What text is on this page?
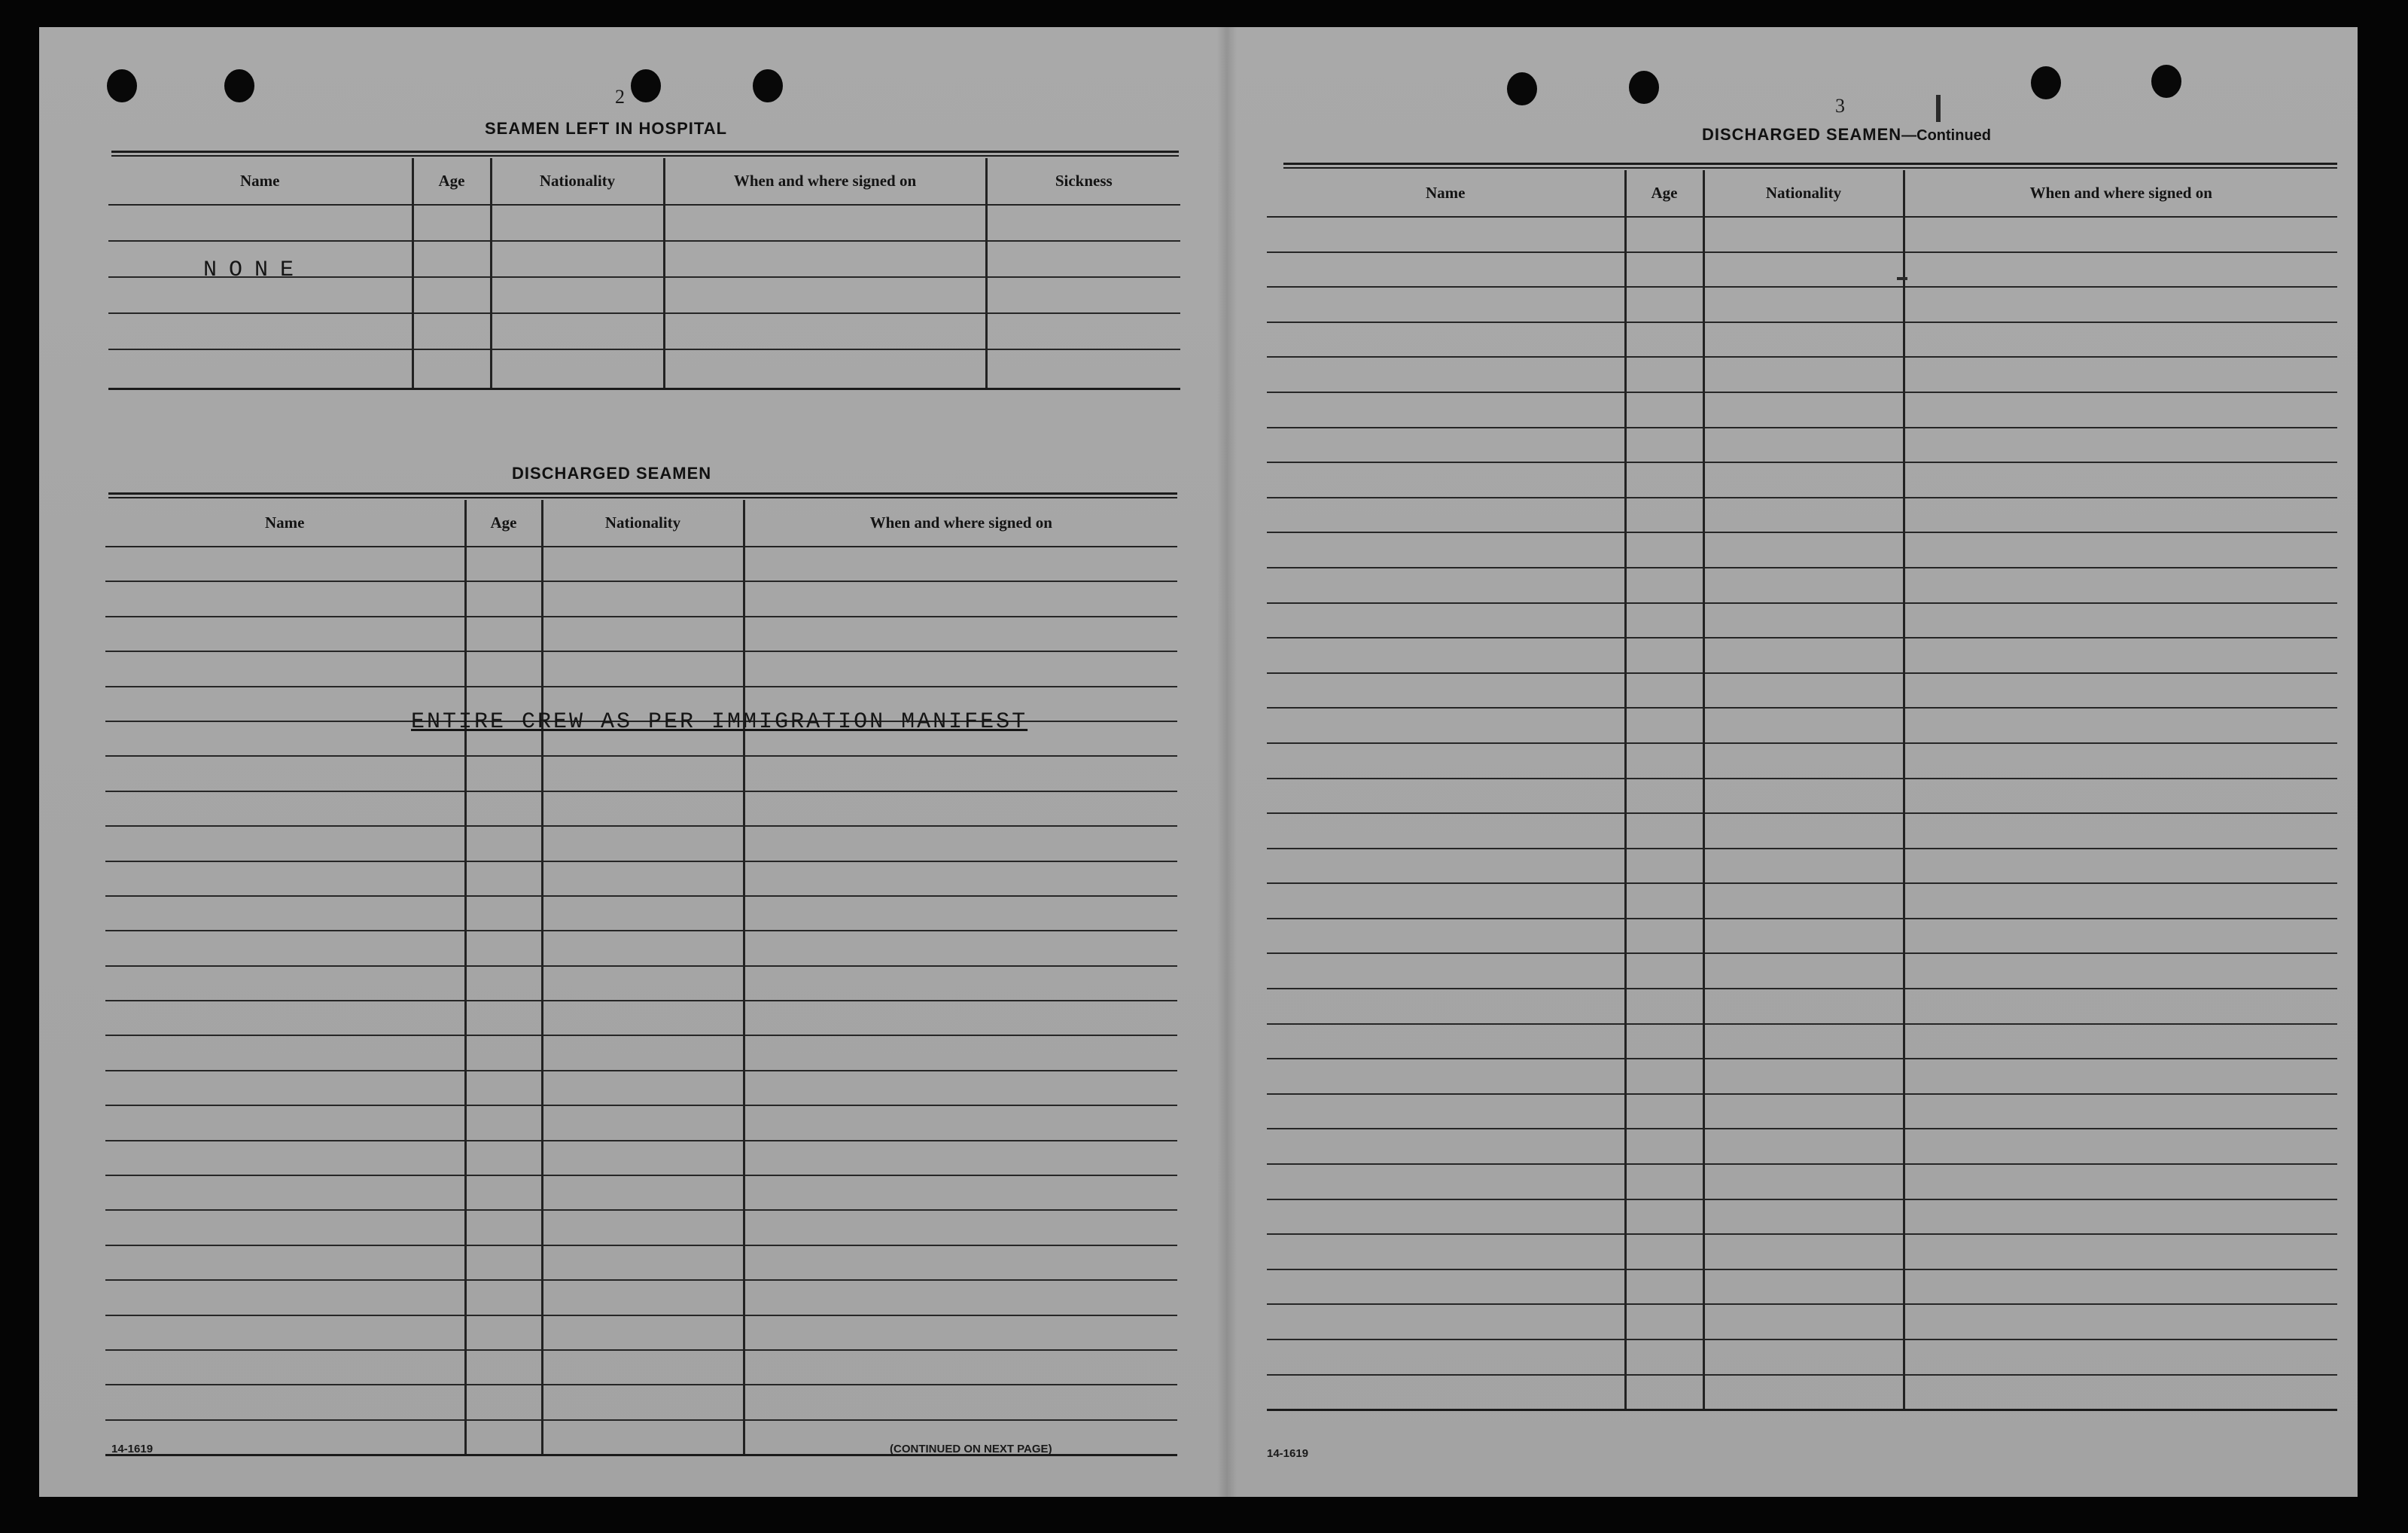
2
SEAMEN LEFT IN HOSPITAL
Name	Age	Nationality	When and where signed on	Sickness

NONE
DISCHARGED SEAMEN
Name	Age	Nationality	When and where signed on

ENTIRE CREW AS PER IMMIGRATION MANIFEST
14-1619	(CONTINUED ON NEXT PAGE)
3
DISCHARGED SEAMEN—Continued
Name	Age	Nationality	When and where signed on

14-1619
